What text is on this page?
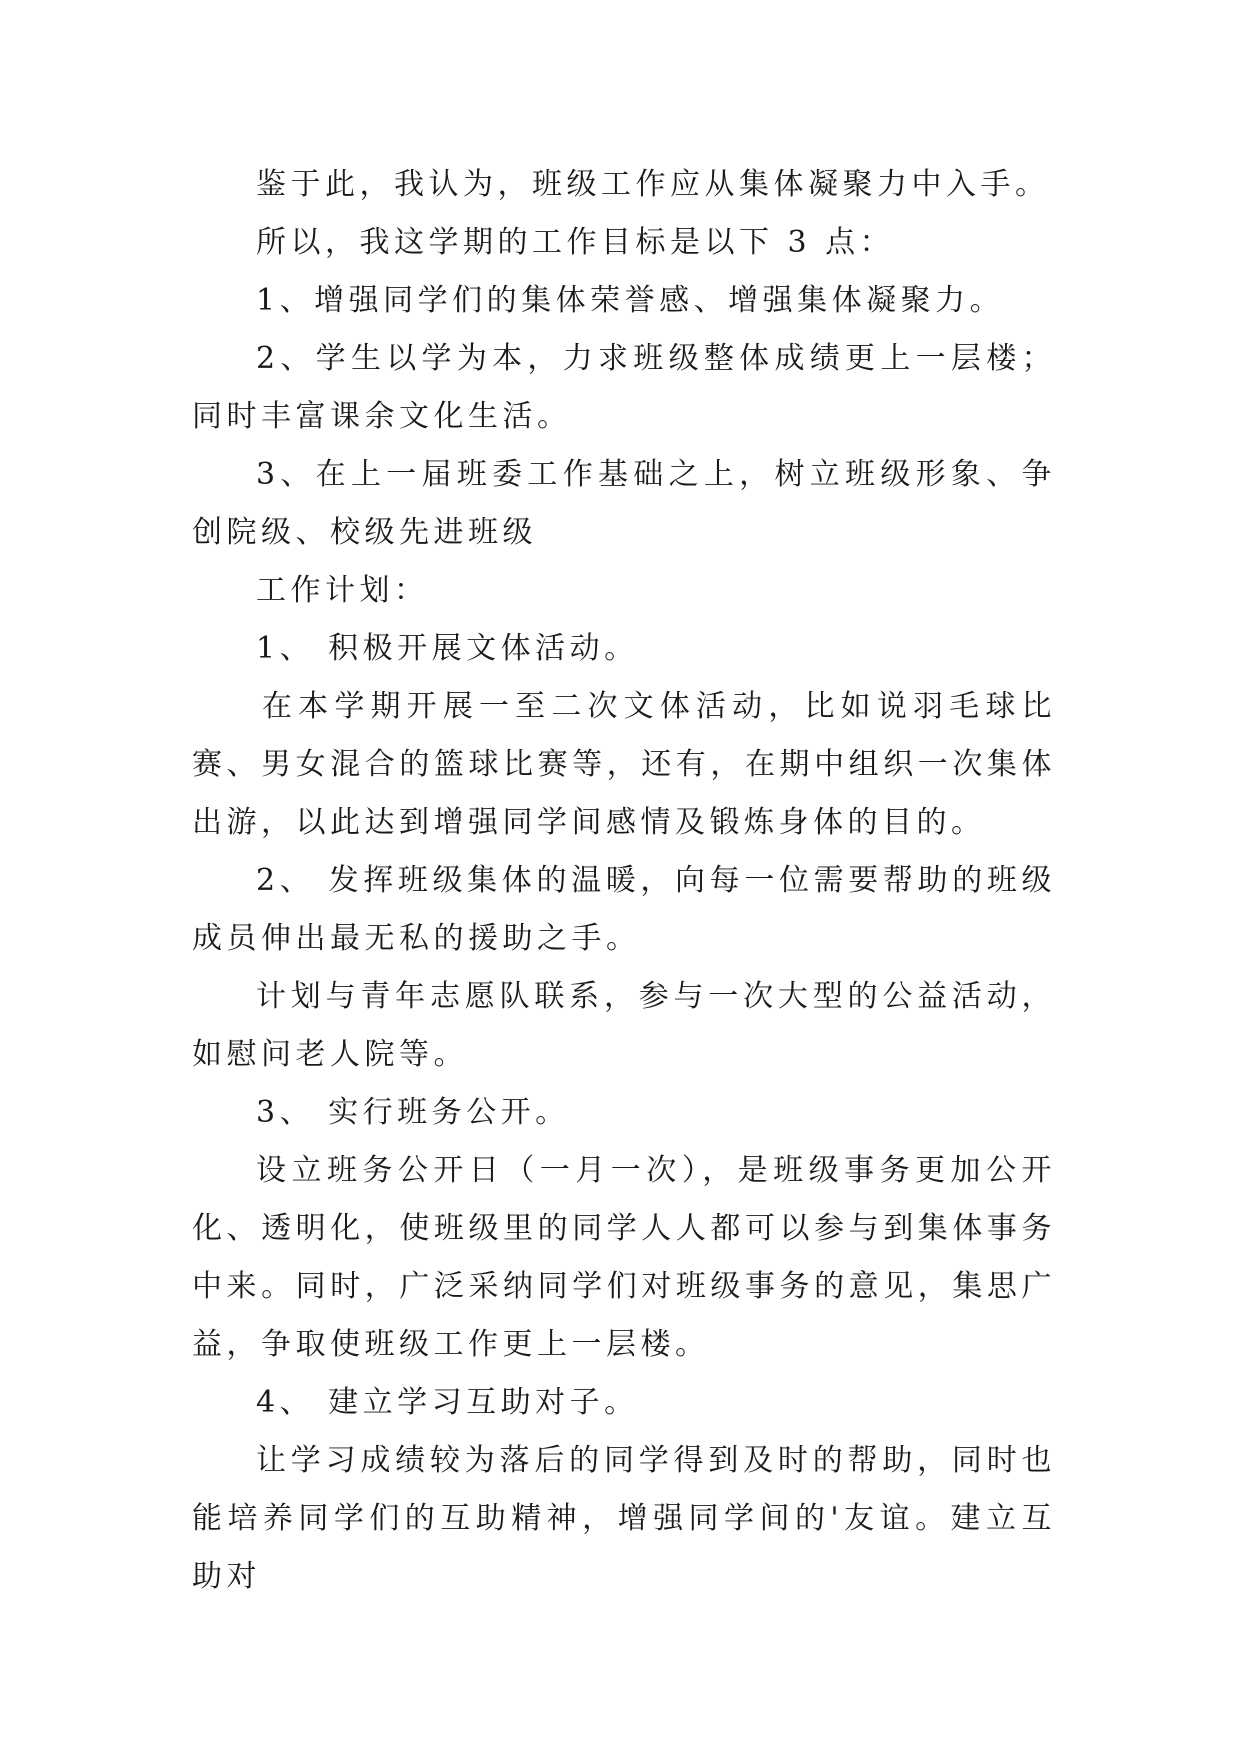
鉴于此，我认为，班级工作应从集体凝聚力中入手。

所以，我这学期的工作目标是以下 3 点：

1、增强同学们的集体荣誉感、增强集体凝聚力。

2、学生以学为本，力求班级整体成绩更上一层楼；同时丰富课余文化生活。

3、在上一届班委工作基础之上，树立班级形象、争创院级、校级先进班级

工作计划：

1、 积极开展文体活动。

在本学期开展一至二次文体活动，比如说羽毛球比赛、男女混合的篮球比赛等，还有，在期中组织一次集体出游，以此达到增强同学间感情及锻炼身体的目的。

2、 发挥班级集体的温暖，向每一位需要帮助的班级成员伸出最无私的援助之手。

计划与青年志愿队联系，参与一次大型的公益活动，如慰问老人院等。

3、 实行班务公开。

设立班务公开日（一月一次），是班级事务更加公开化、透明化，使班级里的同学人人都可以参与到集体事务中来。同时，广泛采纳同学们对班级事务的意见，集思广益，争取使班级工作更上一层楼。

4、 建立学习互助对子。

让学习成绩较为落后的同学得到及时的帮助，同时也能培养同学们的互助精神，增强同学间的'友谊。建立互助对
